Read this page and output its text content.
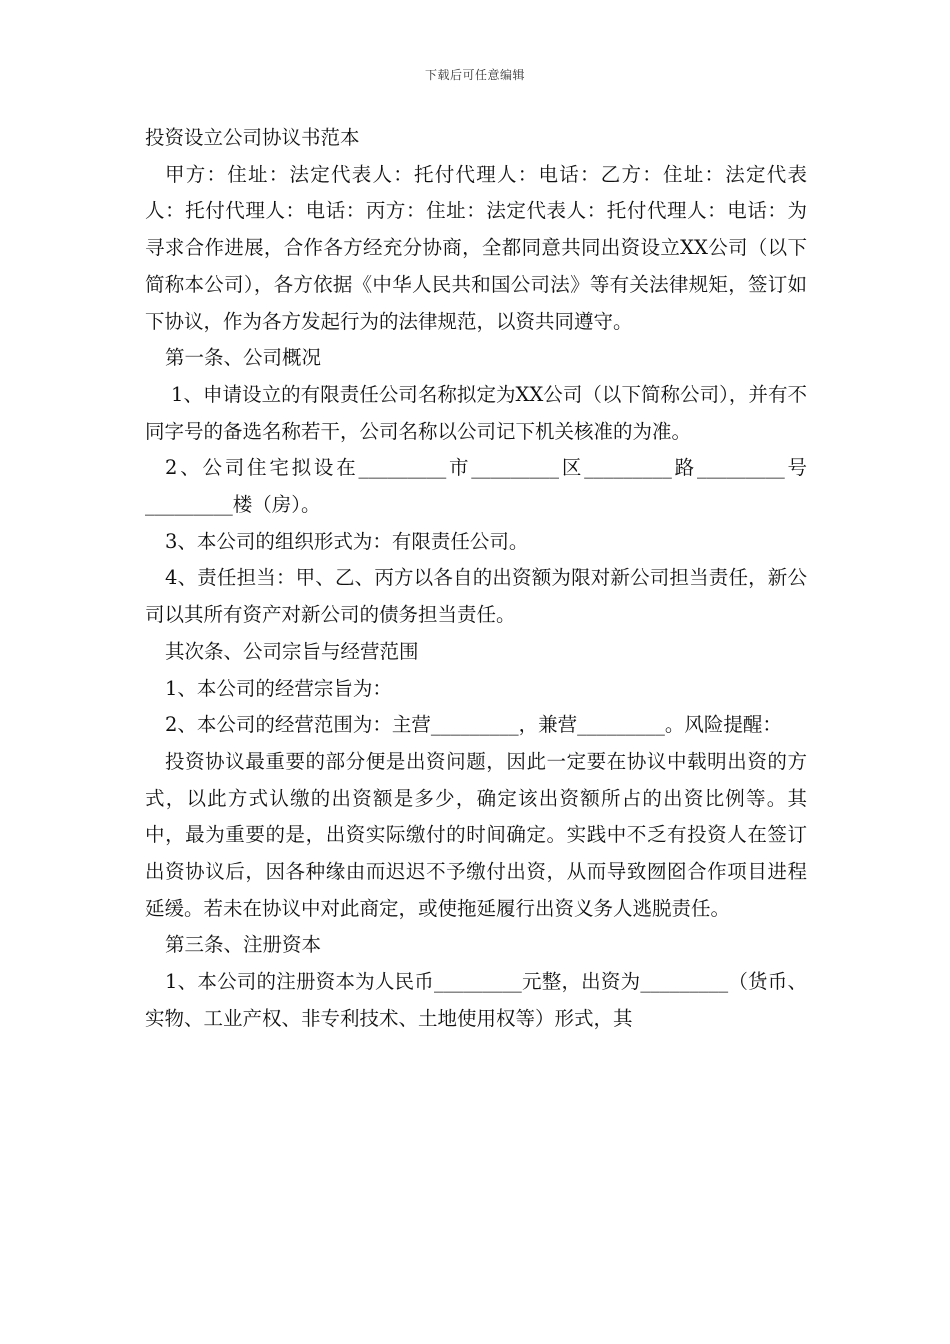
下载后可任意编辑

投资设立公司协议书范本

甲方：住址：法定代表人：托付代理人：电话：乙方：住址：法定代表人：托付代理人：电话：丙方：住址：法定代表人：托付代理人：电话：为寻求合作进展，合作各方经充分协商，全都同意共同出资设立XX公司（以下简称本公司），各方依据《中华人民共和国公司法》等有关法律规矩，签订如下协议，作为各方发起行为的法律规范，以资共同遵守。

第一条、公司概况

1、申请设立的有限责任公司名称拟定为XX公司（以下简称公司），并有不同字号的备选名称若干，公司名称以公司记下机关核准的为准。

2、公司住宅拟设在_________市_________区_________路_________号_________楼（房）。

3、本公司的组织形式为：有限责任公司。

4、责任担当：甲、乙、丙方以各自的出资额为限对新公司担当责任，新公司以其所有资产对新公司的债务担当责任。

其次条、公司宗旨与经营范围

1、本公司的经营宗旨为：

2、本公司的经营范围为：主营_________，兼营_________。风险提醒：

投资协议最重要的部分便是出资问题，因此一定要在协议中载明出资的方式，以此方式认缴的出资额是多少，确定该出资额所占的出资比例等。其中，最为重要的是，出资实际缴付的时间确定。实践中不乏有投资人在签订出资协议后，因各种缘由而迟迟不予缴付出资，从而导致囫囵合作项目进程延缓。若未在协议中对此商定，或使拖延履行出资义务人逃脱责任。

第三条、注册资本

1、本公司的注册资本为人民币_________元整，出资为_________（货币、实物、工业产权、非专利技术、土地使用权等）形式，其
